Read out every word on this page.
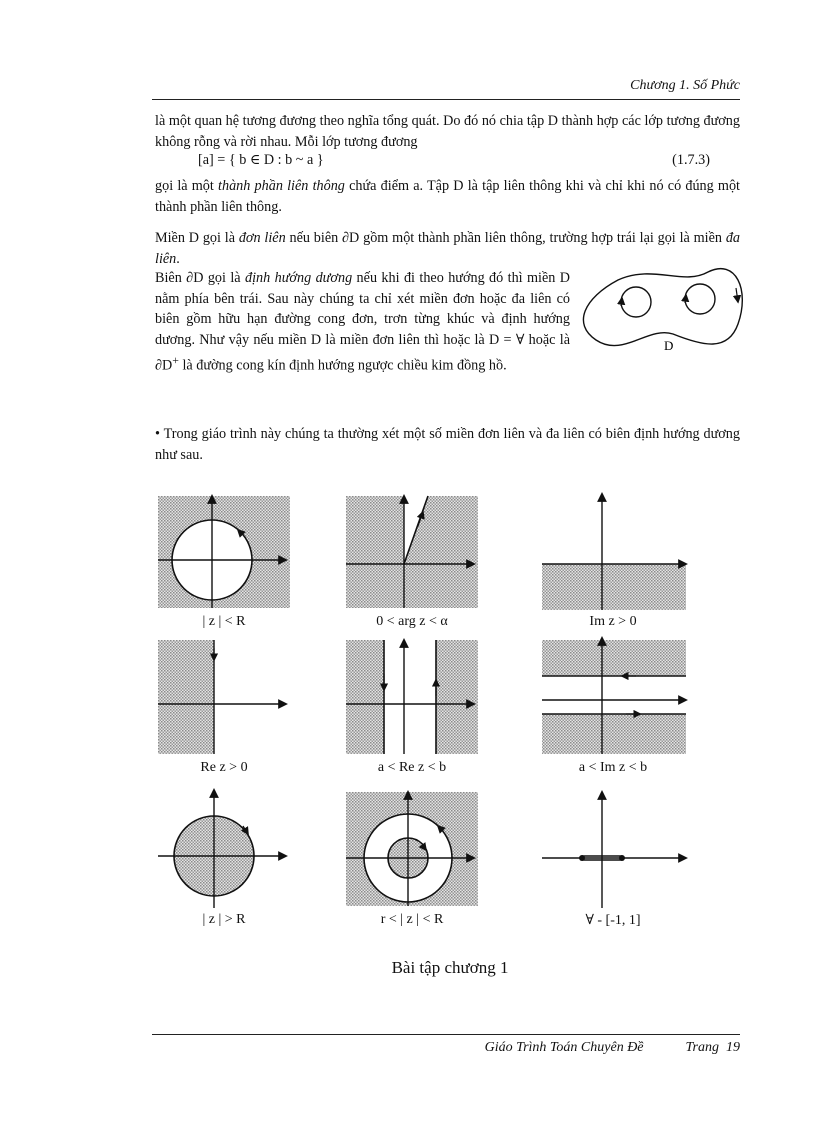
Chương 1. Số Phức
là một quan hệ tương đương theo nghĩa tổng quát. Do đó nó chia tập D thành hợp các lớp tương đương không rỗng và rời nhau. Mỗi lớp tương đương
[a] = { b ∈ D : b ~ a }	(1.7.3)
gọi là một thành phần liên thông chứa điểm a. Tập D là tập liên thông khi và chỉ khi nó có đúng một thành phần liên thông.
Miền D gọi là đơn liên nếu biên ∂D gồm một thành phần liên thông, trường hợp trái lại gọi là miền đa liên.
Biên ∂D gọi là định hướng dương nếu khi đi theo hướng đó thì miền D nằm phía bên trái. Sau này chúng ta chỉ xét miền đơn hoặc đa liên có biên gồm hữu hạn đường cong đơn, trơn từng khúc và định hướng dương. Như vậy nếu miền D là miền đơn liên thì hoặc là D = ∀ hoặc là ∂D+ là đường cong kín định hướng ngược chiều kim đồng hồ.
D
• Trong giáo trình này chúng ta thường xét một số miền đơn liên và đa liên có biên định hướng dương như sau.
| z | < R	0 < arg z < α	Im z > 0
Re z > 0	a < Re z < b	a < Im z < b
| z | > R	r < | z | < R	∀ - [-1, 1]
Bài tập chương 1
Giáo Trình Toán Chuyên Đề	Trang  19
